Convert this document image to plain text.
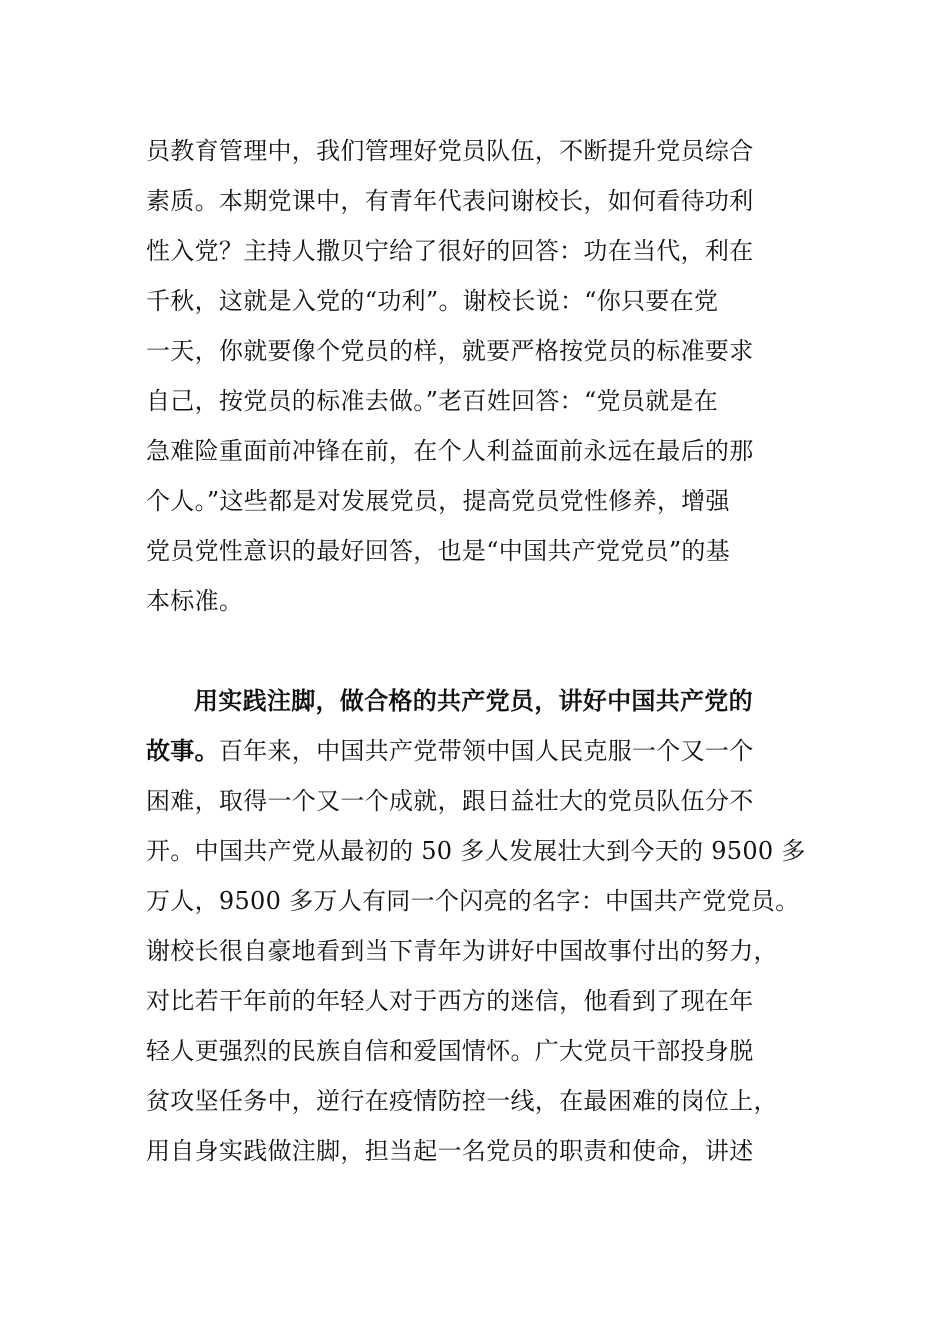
员教育管理中，我们管理好党员队伍，不断提升党员综合
素质。本期党课中，有青年代表问谢校长，如何看待功利
性入党？主持人撒贝宁给了很好的回答：功在当代，利在
千秋，这就是入党的“功利”。谢校长说：“你只要在党
一天，你就要像个党员的样，就要严格按党员的标准要求
自己，按党员的标准去做。”老百姓回答：“党员就是在
急难险重面前冲锋在前，在个人利益面前永远在最后的那
个人。”这些都是对发展党员，提高党员党性修养，增强
党员党性意识的最好回答，也是“中国共产党党员”的基
本标准。
用实践注脚，做合格的共产党员，讲好中国共产党的
故事。百年来，中国共产党带领中国人民克服一个又一个
困难，取得一个又一个成就，跟日益壮大的党员队伍分不
开。中国共产党从最初的 50 多人发展壮大到今天的 9500 多
万人，9500 多万人有同一个闪亮的名字：中国共产党党员。
谢校长很自豪地看到当下青年为讲好中国故事付出的努力，
对比若干年前的年轻人对于西方的迷信，他看到了现在年
轻人更强烈的民族自信和爱国情怀。广大党员干部投身脱
贫攻坚任务中，逆行在疫情防控一线，在最困难的岗位上，
用自身实践做注脚，担当起一名党员的职责和使命，讲述
